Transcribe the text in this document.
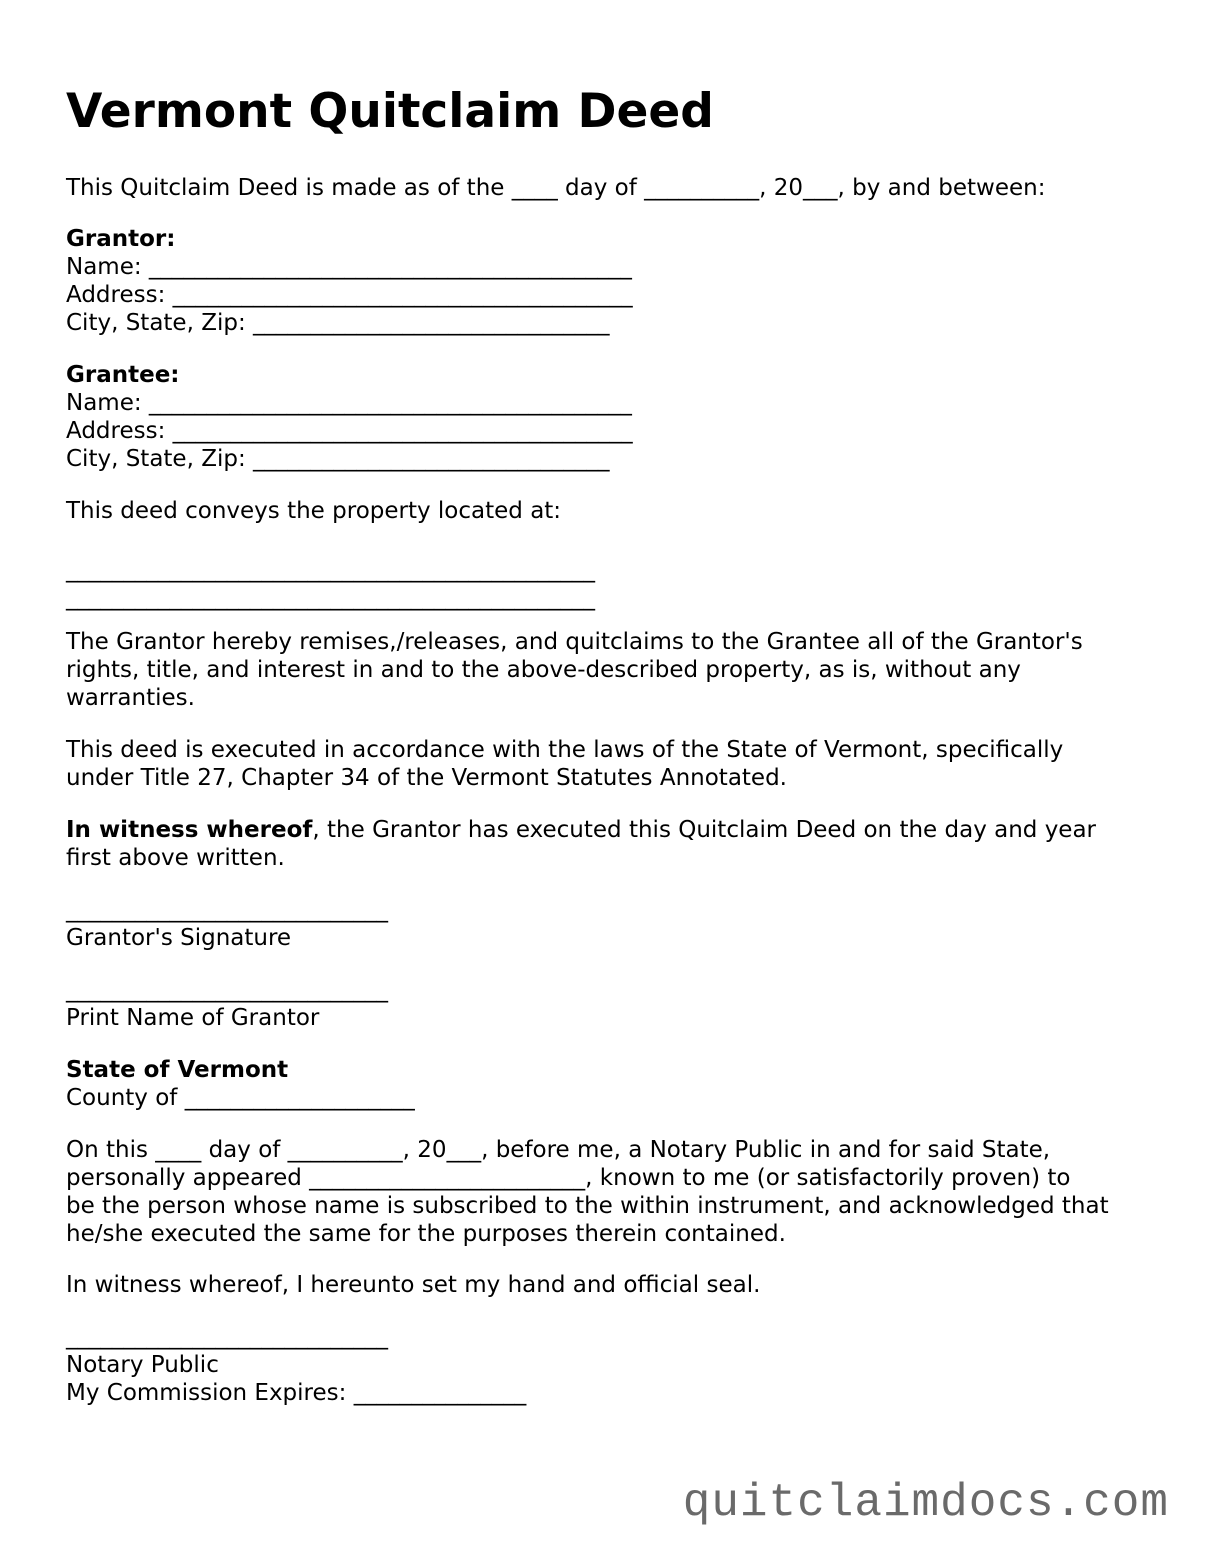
Vermont Quitclaim Deed
This Quitclaim Deed is made as of the ____ day of __________, 20___, by and between:
Grantor:
Name: __________________________________________
Address: ________________________________________
City, State, Zip: _______________________________
Grantee:
Name: __________________________________________
Address: ________________________________________
City, State, Zip: _______________________________
This deed conveys the property located at:
______________________________________________
______________________________________________
The Grantor hereby remises,/releases, and quitclaims to the Grantee all of the Grantor's
rights, title, and interest in and to the above-described property, as is, without any
warranties.
This deed is executed in accordance with the laws of the State of Vermont, specifically
under Title 27, Chapter 34 of the Vermont Statutes Annotated.
In witness whereof, the Grantor has executed this Quitclaim Deed on the day and year
first above written.
____________________________
Grantor's Signature
____________________________
Print Name of Grantor
State of Vermont
County of ____________________
On this ____ day of __________, 20___, before me, a Notary Public in and for said State,
personally appeared ________________________, known to me (or satisfactorily proven) to
be the person whose name is subscribed to the within instrument, and acknowledged that
he/she executed the same for the purposes therein contained.
In witness whereof, I hereunto set my hand and official seal.
____________________________
Notary Public
My Commission Expires: _______________
quitclaimdocs.com
